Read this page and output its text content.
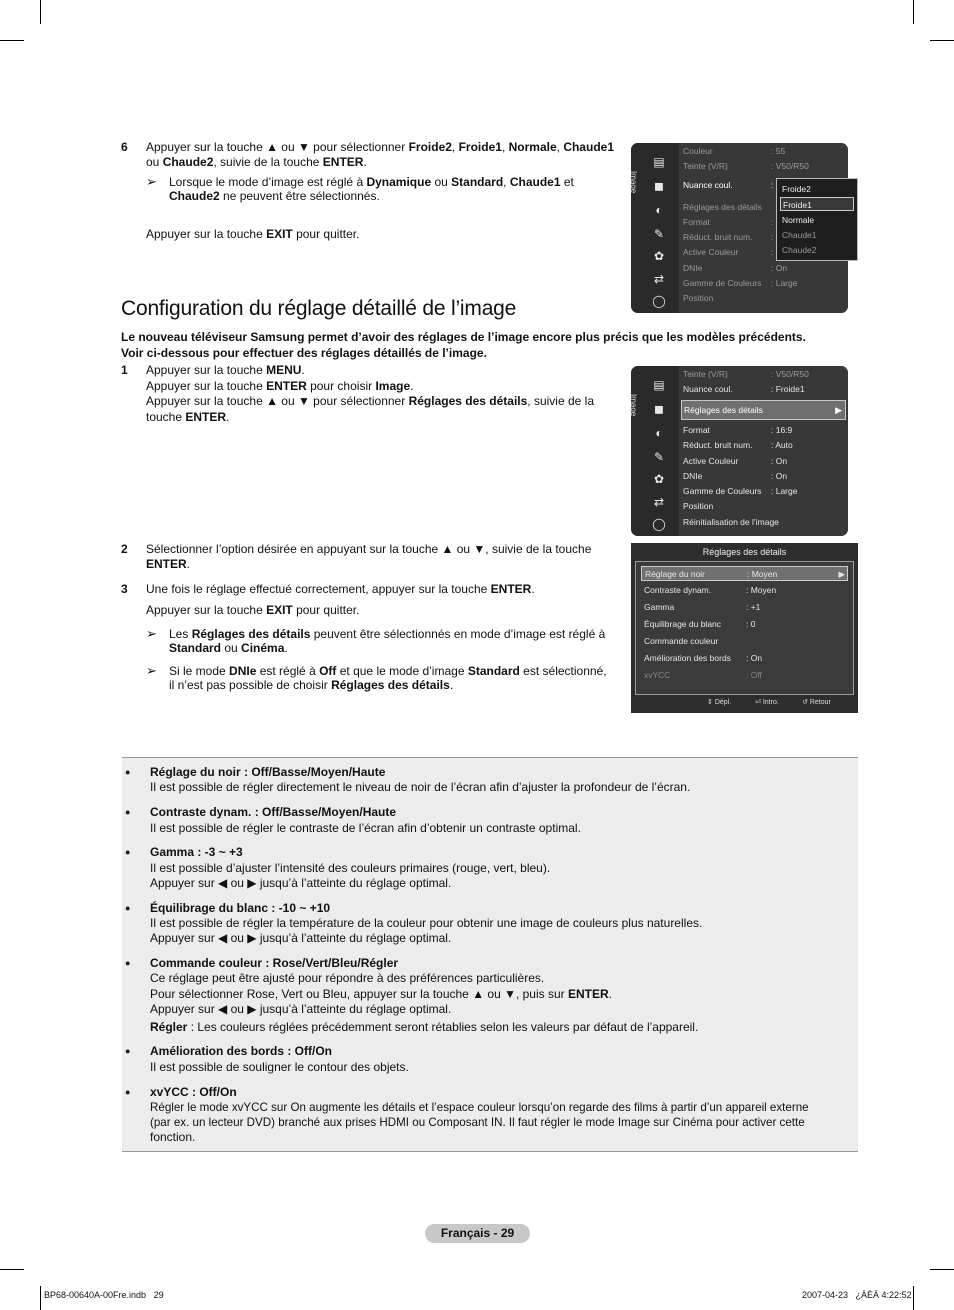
6 Appuyer sur la touche ▲ ou ▼ pour sélectionner Froide2, Froide1, Normale, Chaude1
ou Chaude2, suivie de la touche ENTER.
➢ Lorsque le mode d’image est réglé à Dynamique ou Standard, Chaude1 et
Chaude2 ne peuvent être sélectionnés.
Appuyer sur la touche EXIT pour quitter.
Image
▤
◼
◐
✎
✿
⇄
◯
Couleur	: 55
Teinte (V/R)	: V50/R50
Nuance coul.	:
Réglages des détails
Format	:
Réduct. bruit num. :
Active Couleur	:
DNIe	: On
Gamme de Couleurs : Large
Position
Froide2
Froide1
Normale
Chaude1
Chaude2
Configuration du réglage détaillé de l’image
Le nouveau téléviseur Samsung permet d’avoir des réglages de l’image encore plus précis que les modèles précédents.
Voir ci-dessous pour effectuer des réglages détaillés de l’image.
1 Appuyer sur la touche MENU.
Appuyer sur la touche ENTER pour choisir Image.
Appuyer sur la touche ▲ ou ▼ pour sélectionner Réglages des détails, suivie de la
touche ENTER.
Image
▤
◼
◐
✎
✿
⇄
◯
Teinte (V/R)	: V50/R50
Nuance coul.	: Froide1
Réglages des détails	▶
Format	: 16:9
Réduct. bruit num. : Auto
Active Couleur	: On
DNIe	: On
Gamme de Couleurs : Large
Position
Réinitialisation de l’image
2 Sélectionner l’option désirée en appuyant sur la touche ▲ ou ▼, suivie de la touche
ENTER.
3 Une fois le réglage effectué correctement, appuyer sur la touche ENTER.
Appuyer sur la touche EXIT pour quitter.
➢ Les Réglages des détails peuvent être sélectionnés en mode d’image est réglé à
Standard ou Cinéma.
➢ Si le mode DNIe est réglé à Off et que le mode d’image Standard est sélectionné,
il n’est pas possible de choisir Réglages des détails.
Réglages des détails
Réglage du noir	: Moyen	▶
Contraste dynam.	: Moyen
Gamma	: +1
Équilibrage du blanc	: 0
Commande couleur
Amélioration des bords : On
xvYCC	: Off
⇕ Dépl.	⏎ Intro.	↺ Retour
● Réglage du noir : Off/Basse/Moyen/Haute
Il est possible de régler directement le niveau de noir de l’écran afin d’ajuster la profondeur de l’écran.
● Contraste dynam. : Off/Basse/Moyen/Haute
Il est possible de régler le contraste de l’écran afin d’obtenir un contraste optimal.
● Gamma : -3 ~ +3
Il est possible d’ajuster l’intensité des couleurs primaires (rouge, vert, bleu).
Appuyer sur ◀ ou ▶ jusqu’à l’atteinte du réglage optimal.
● Équilibrage du blanc : -10 ~ +10
Il est possible de régler la température de la couleur pour obtenir une image de couleurs plus naturelles.
Appuyer sur ◀ ou ▶ jusqu’à l’atteinte du réglage optimal.
● Commande couleur : Rose/Vert/Bleu/Régler
Ce réglage peut être ajusté pour répondre à des préférences particulières.
Pour sélectionner Rose, Vert ou Bleu, appuyer sur la touche ▲ ou ▼, puis sur ENTER.
Appuyer sur ◀ ou ▶ jusqu’à l’atteinte du réglage optimal.
Régler : Les couleurs réglées précédemment seront rétablies selon les valeurs par défaut de l’appareil.
● Amélioration des bords : Off/On
Il est possible de souligner le contour des objets.
● xvYCC : Off/On
Régler le mode xvYCC sur On augmente les détails et l’espace couleur lorsqu’on regarde des films à partir d’un appareil externe
(par ex. un lecteur DVD) branché aux prises HDMI ou Composant IN. Il faut régler le mode Image sur Cinéma pour activer cette
fonction.
Français - 29
BP68-00640A-00Fre.indb   29	2007-04-23   ¿ÀÈÄ 4:22:52
